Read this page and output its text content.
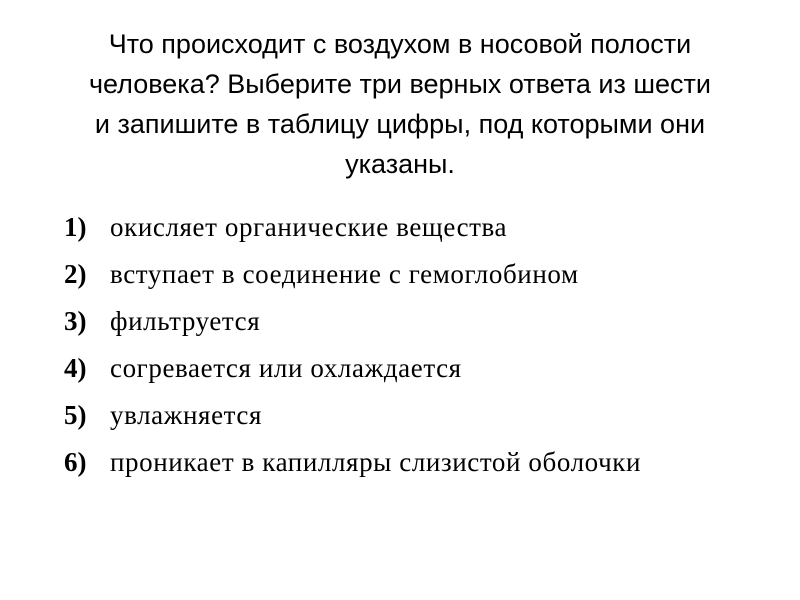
Что происходит с воздухом в носовой полости
человека? Выберите три верных ответа из шести
и запишите в таблицу цифры, под которыми они
указаны.
1) окисляет органические вещества
2) вступает в соединение с гемоглобином
3) фильтруется
4) согревается или охлаждается
5) увлажняется
6) проникает в капилляры слизистой оболочки
